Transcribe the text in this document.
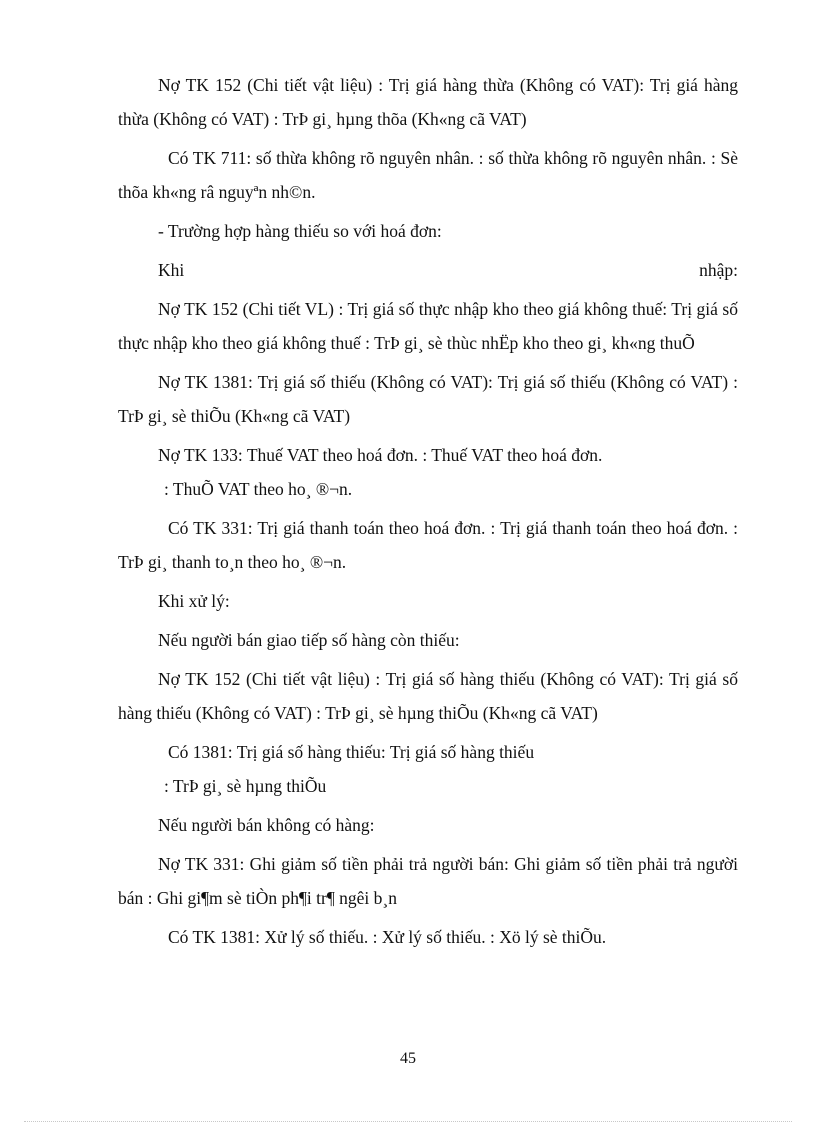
Nợ TK 152 (Chi tiết vật liệu) : Trị giá hàng thừa (Không có VAT): Trị giá hàng thừa (Không có VAT) : TrÞ gi¸ hµng thõa (Kh«ng cã VAT)

Có TK 711: số thừa không rõ nguyên nhân. : số thừa không rõ nguyên nhân. : Sè thõa kh«ng râ nguyªn nh©n.

- Trường hợp hàng thiếu so với hoá đơn:

Khi	nhập:

Nợ TK 152 (Chi tiết VL) : Trị giá số thực nhập kho theo giá không thuế: Trị giá số thực nhập kho theo giá không thuế : TrÞ gi¸ sè thùc nhËp kho theo gi¸ kh«ng thuÕ

Nợ TK 1381: Trị giá số thiếu (Không có VAT): Trị giá số thiếu (Không có VAT) : TrÞ gi¸ sè thiÕu (Kh«ng cã VAT)

Nợ TK 133: Thuế VAT theo hoá đơn. : Thuế VAT theo hoá đơn.

: ThuÕ VAT theo ho¸ ®¬n.

Có TK 331: Trị giá thanh toán theo hoá đơn. : Trị giá thanh toán theo hoá đơn. : TrÞ gi¸ thanh to¸n theo ho¸ ®¬n.

Khi xử lý:

Nếu người bán giao tiếp số hàng còn thiếu:

Nợ TK 152 (Chi tiết vật liệu) : Trị giá số hàng thiếu (Không có VAT): Trị giá số hàng thiếu (Không có VAT) : TrÞ gi¸ sè hµng thiÕu (Kh«ng cã VAT)

Có 1381: Trị giá số hàng thiếu: Trị giá số hàng thiếu

: TrÞ gi¸ sè hµng thiÕu

Nếu người bán không có hàng:

Nợ TK 331: Ghi giảm số tiền phải trả người bán: Ghi giảm số tiền phải trả người bán : Ghi gi¶m sè tiÒn ph¶i tr¶ ngêi b¸n

Có TK 1381: Xử lý số thiếu. : Xử lý số thiếu. : Xö lý sè thiÕu.

45
